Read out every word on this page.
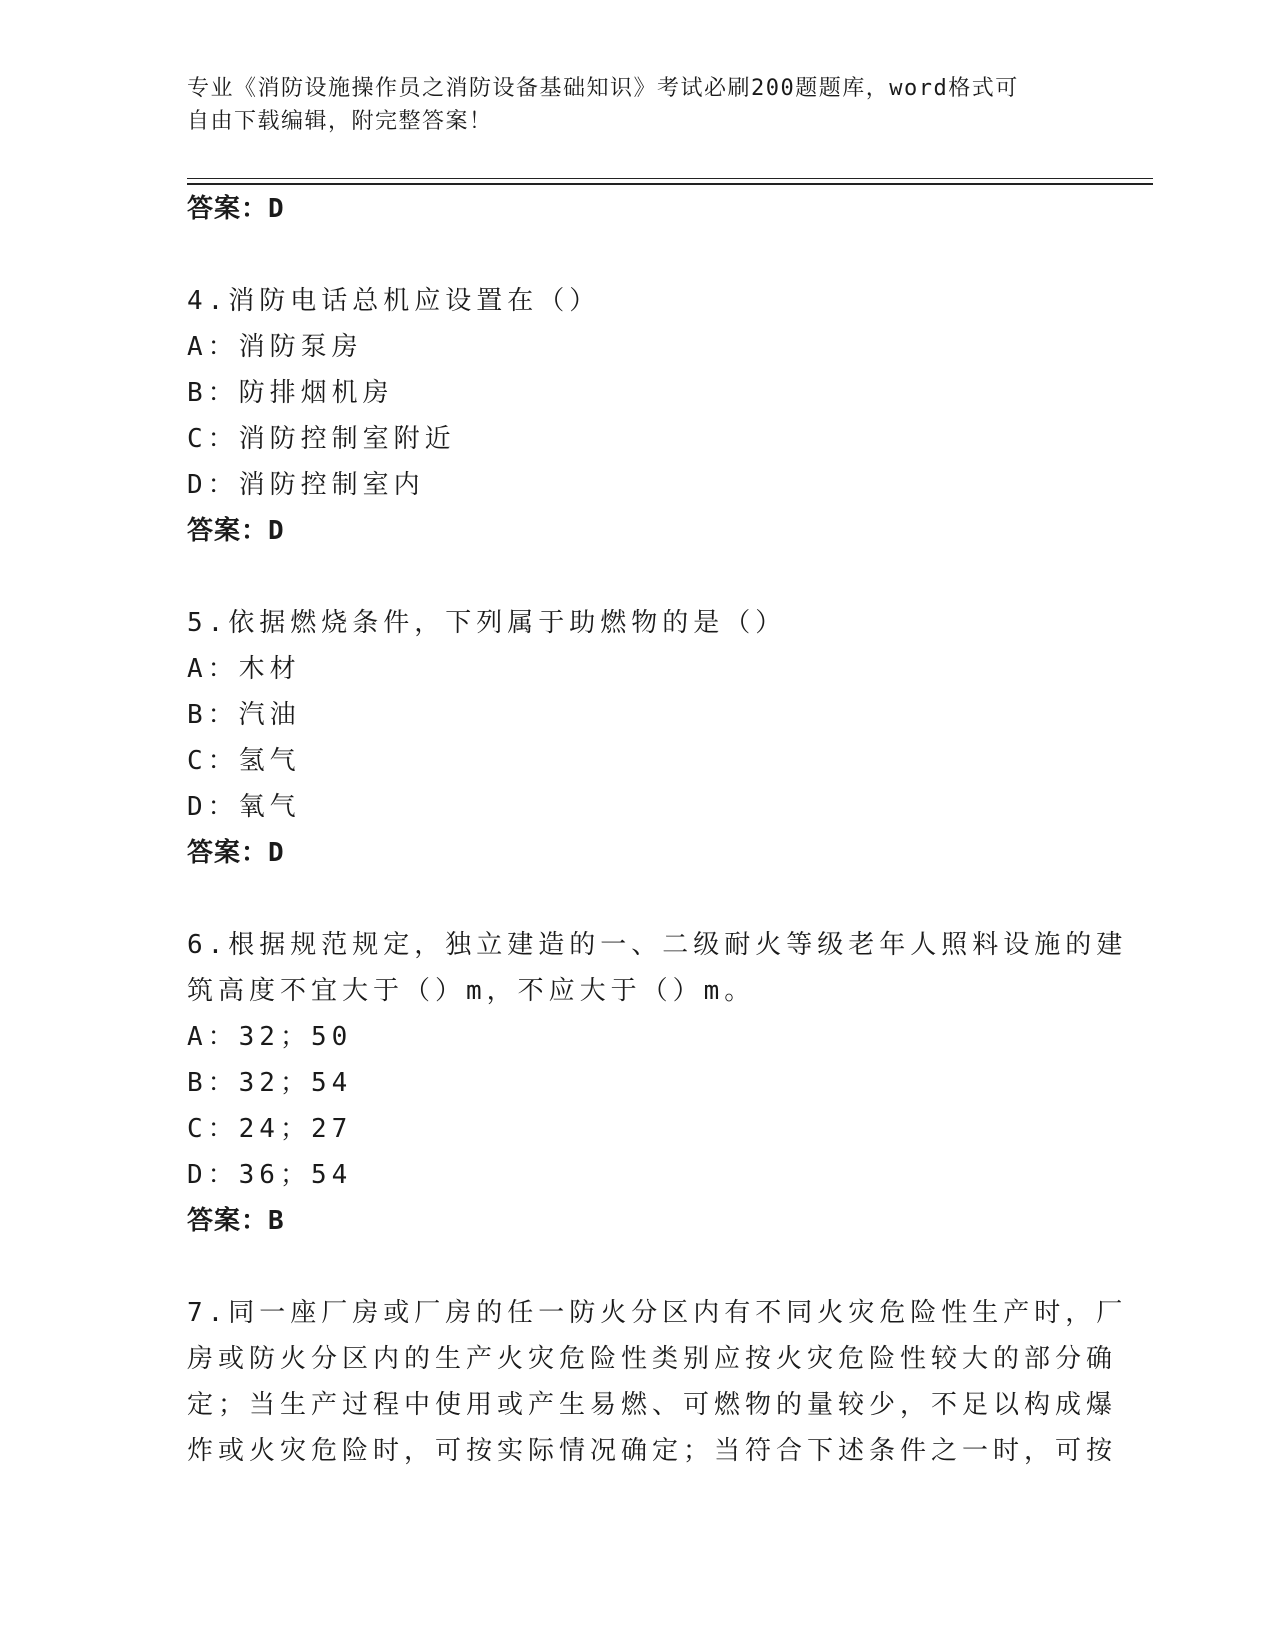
专业《消防设施操作员之消防设备基础知识》考试必刷200题题库，word格式可
自由下载编辑，附完整答案！
答案：D
4.消防电话总机应设置在（）
A：消防泵房
B：防排烟机房
C：消防控制室附近
D：消防控制室内
答案：D
5.依据燃烧条件，下列属于助燃物的是（）
A：木材
B：汽油
C：氢气
D：氧气
答案：D
6.根据规范规定，独立建造的一、二级耐火等级老年人照料设施的建
筑高度不宜大于（）m，不应大于（）m。
A：32；50
B：32；54
C：24；27
D：36；54
答案：B
7.同一座厂房或厂房的任一防火分区内有不同火灾危险性生产时，厂
房或防火分区内的生产火灾危险性类别应按火灾危险性较大的部分确
定；当生产过程中使用或产生易燃、可燃物的量较少，不足以构成爆
炸或火灾危险时，可按实际情况确定；当符合下述条件之一时，可按
